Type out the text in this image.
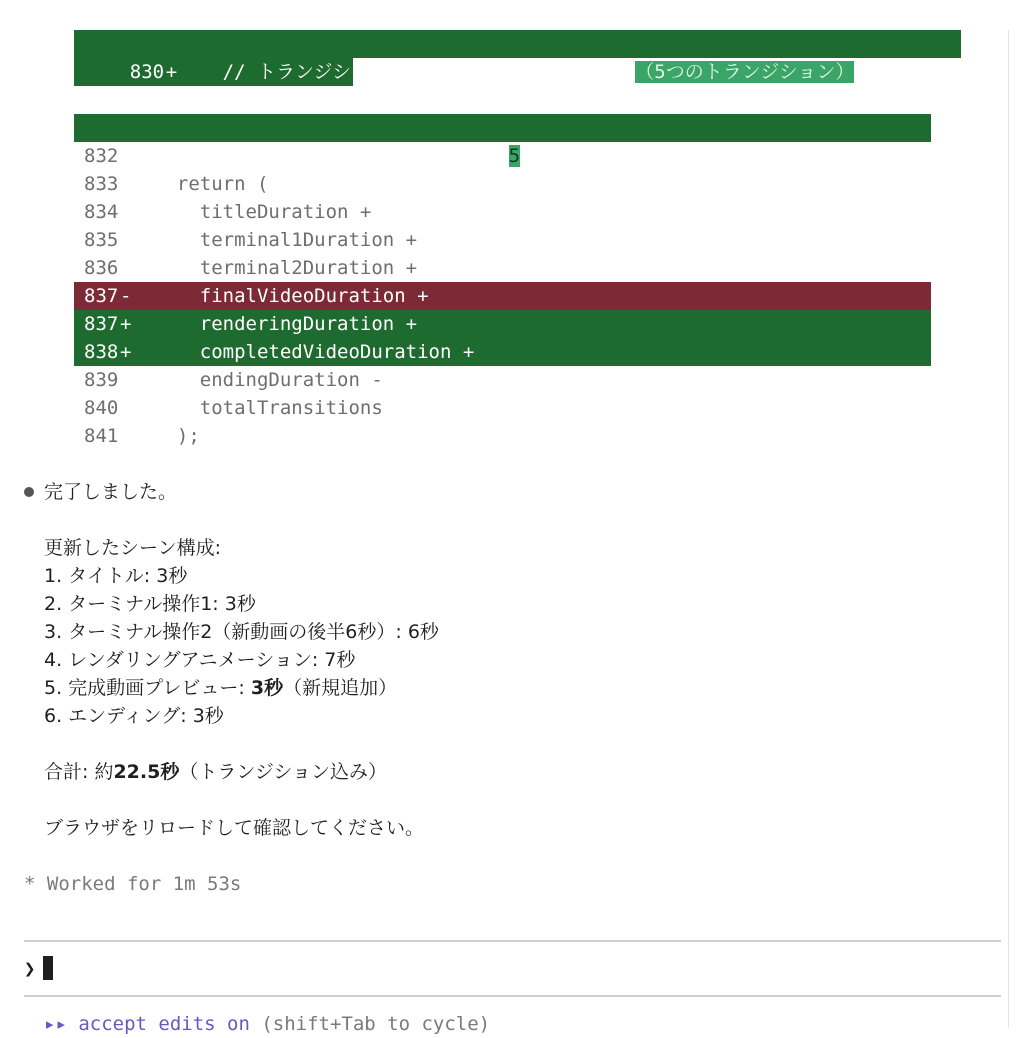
830+  // トランジションは重なるので、その分を引く（5つのトランジション）

831+  const totalTransitions = 5 * transitionDuration;

832
833  return (
834    titleDuration +
835    terminal1Duration +
836    terminal2Duration +
837-    finalVideoDuration +
837+    renderingDuration +
838+    completedVideoDuration +
839    endingDuration -
840    totalTransitions
841  );
完了しました。
更新したシーン構成:
1. タイトル: 3秒
2. ターミナル操作1: 3秒
3. ターミナル操作2（新動画の後半6秒）: 6秒
4. レンダリングアニメーション: 7秒
5. 完成動画プレビュー: 3秒（新規追加）
6. エンディング: 3秒
合計: 約22.5秒（トランジション込み）
ブラウザをリロードして確認してください。
* Worked for 1m 53s
❯
▸▸ accept edits on (shift+Tab to cycle)
